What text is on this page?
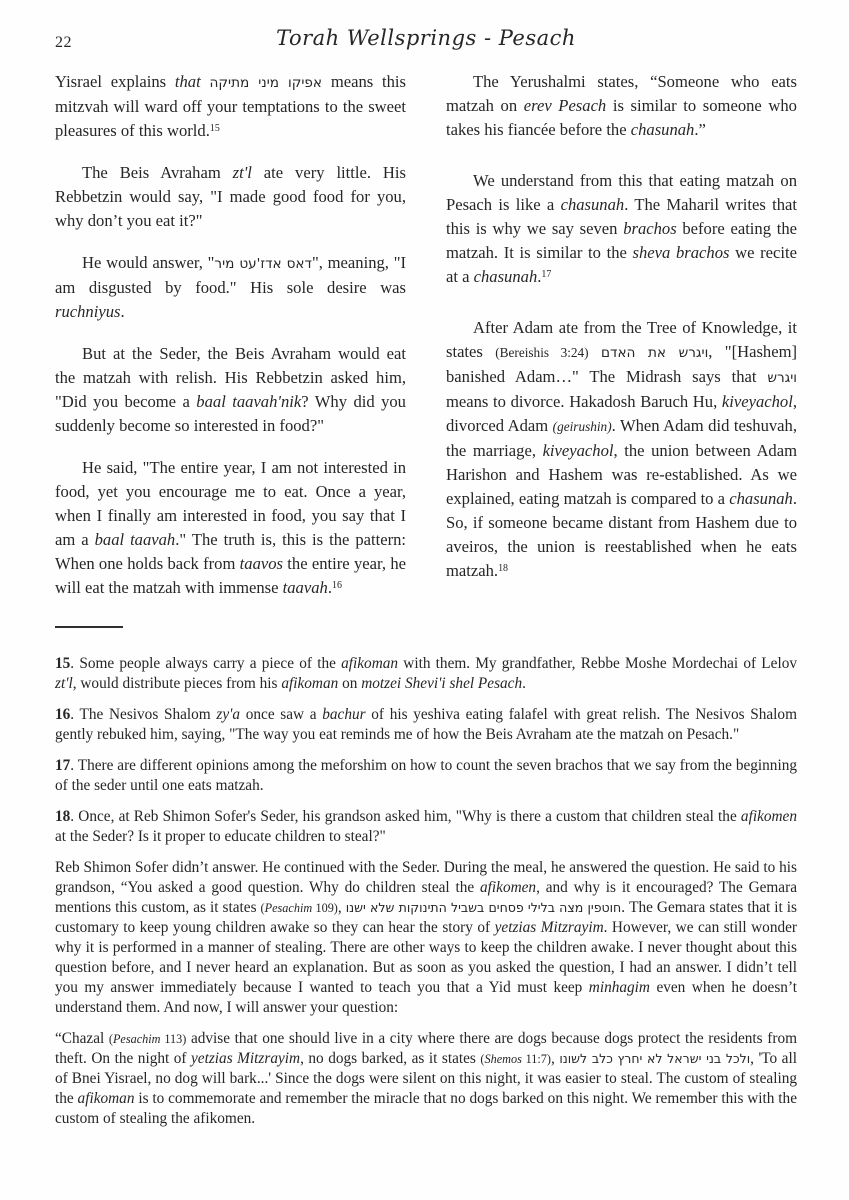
22	Torah Wellsprings - Pesach

Yisrael explains that אפיקו מיני מתיקה means this mitzvah will ward off your temptations to the sweet pleasures of this world.$^{15}$

The Beis Avraham zt'l ate very little. His Rebbetzin would say, "I made good food for you, why don’t you eat it?"

He would answer, "דאס אדז'עט מיר", meaning, "I am disgusted by food." His sole desire was ruchniyus.

But at the Seder, the Beis Avraham would eat the matzah with relish. His Rebbetzin asked him, "Did you become a baal taavah'nik? Why did you suddenly become so interested in food?"

He said, "The entire year, I am not interested in food, yet you encourage me to eat. Once a year, when I finally am interested in food, you say that I am a baal taavah." The truth is, this is the pattern: When one holds back from taavos the entire year, he will eat the matzah with immense taavah.$^{16}$

The Yerushalmi states, “Someone who eats matzah on erev Pesach is similar to someone who takes his fiancée before the chasunah.”

We understand from this that eating matzah on Pesach is like a chasunah. The Maharil writes that this is why we say seven brachos before eating the matzah. It is similar to the sheva brachos we recite at a chasunah.$^{17}$

After Adam ate from the Tree of Knowledge, it states (Bereishis 3:24) ויגרש את האדם, "[Hashem] banished Adam…" The Midrash says that ויגרש means to divorce. Hakadosh Baruch Hu, kiveyachol, divorced Adam (geirushin). When Adam did teshuvah, the marriage, kiveyachol, the union between Adam Harishon and Hashem was re-established. As we explained, eating matzah is compared to a chasunah. So, if someone became distant from Hashem due to aveiros, the union is reestablished when he eats matzah.$^{18}$

15. Some people always carry a piece of the afikoman with them. My grandfather, Rebbe Moshe Mordechai of Lelov zt'l, would distribute pieces from his afikoman on motzei Shevi'i shel Pesach.

16. The Nesivos Shalom zy'a once saw a bachur of his yeshiva eating falafel with great relish. The Nesivos Shalom gently rebuked him, saying, "The way you eat reminds me of how the Beis Avraham ate the matzah on Pesach."

17. There are different opinions among the meforshim on how to count the seven brachos that we say from the beginning of the seder until one eats matzah.

18. Once, at Reb Shimon Sofer's Seder, his grandson asked him, "Why is there a custom that children steal the afikomen at the Seder? Is it proper to educate children to steal?"

Reb Shimon Sofer didn’t answer. He continued with the Seder. During the meal, he answered the question. He said to his grandson, “You asked a good question. Why do children steal the afikomen, and why is it encouraged? The Gemara mentions this custom, as it states (Pesachim 109), חוטפין מצה בלילי פסחים בשביל התינוקות שלא ישנו. The Gemara states that it is customary to keep young children awake so they can hear the story of yetzias Mitzrayim. However, we can still wonder why it is performed in a manner of stealing. There are other ways to keep the children awake. I never thought about this question before, and I never heard an explanation. But as soon as you asked the question, I had an answer. I didn’t tell you my answer immediately because I wanted to teach you that a Yid must keep minhagim even when he doesn’t understand them. And now, I will answer your question:

“Chazal (Pesachim 113) advise that one should live in a city where there are dogs because dogs protect the residents from theft. On the night of yetzias Mitzrayim, no dogs barked, as it states (Shemos 11:7), ולכל בני ישראל לא יחרץ כלב לשונו, 'To all of Bnei Yisrael, no dog will bark...' Since the dogs were silent on this night, it was easier to steal. The custom of stealing the afikoman is to commemorate and remember the miracle that no dogs barked on this night. We remember this with the custom of stealing the afikomen.
